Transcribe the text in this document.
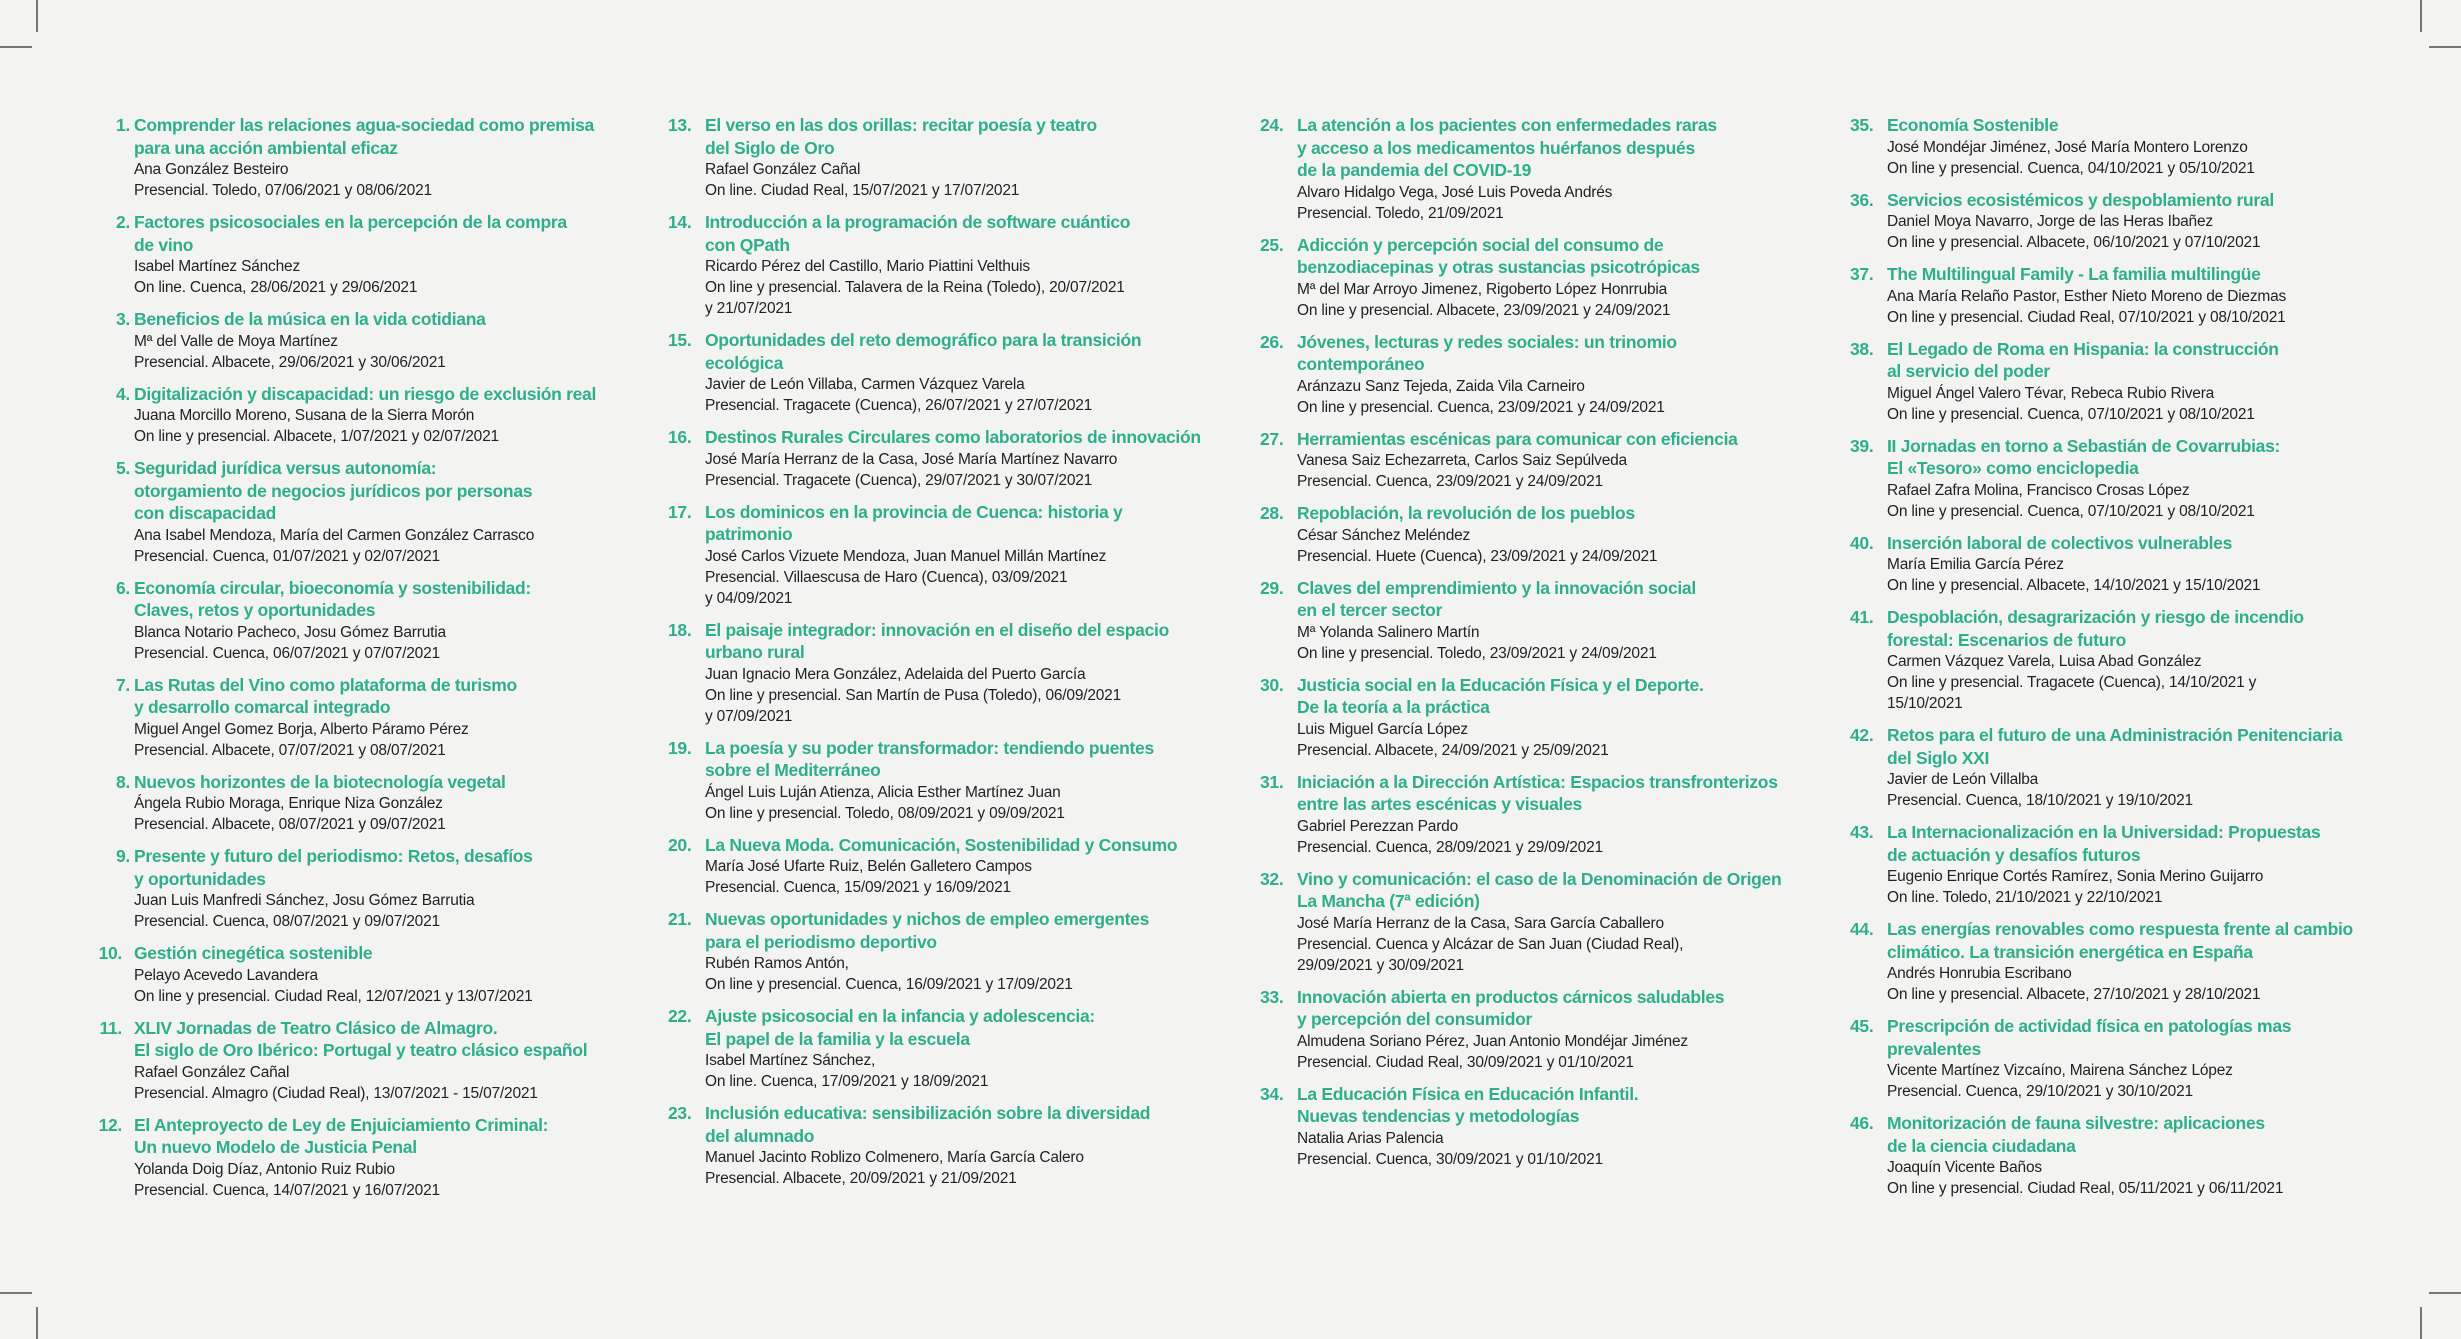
1. Comprender las relaciones agua-sociedad como premisa
para una acción ambiental eficaz
Ana González Besteiro
Presencial. Toledo, 07/06/2021 y 08/06/2021
2. Factores psicosociales en la percepción de la compra
de vino
Isabel Martínez Sánchez
On line. Cuenca, 28/06/2021 y 29/06/2021
3. Beneficios de la música en la vida cotidiana
Mª del Valle de Moya Martínez
Presencial. Albacete, 29/06/2021 y 30/06/2021
4. Digitalización y discapacidad: un riesgo de exclusión real
Juana Morcillo Moreno, Susana de la Sierra Morón
On line y presencial. Albacete, 1/07/2021 y 02/07/2021
5. Seguridad jurídica versus autonomía:
otorgamiento de negocios jurídicos por personas
con discapacidad
Ana Isabel Mendoza, María del Carmen González Carrasco
Presencial. Cuenca, 01/07/2021 y 02/07/2021
6. Economía circular, bioeconomía y sostenibilidad:
Claves, retos y oportunidades
Blanca Notario Pacheco, Josu Gómez Barrutia
Presencial. Cuenca, 06/07/2021 y 07/07/2021
7. Las Rutas del Vino como plataforma de turismo
y desarrollo comarcal integrado
Miguel Angel Gomez Borja, Alberto Páramo Pérez
Presencial. Albacete, 07/07/2021 y 08/07/2021
8. Nuevos horizontes de la biotecnología vegetal
Ángela Rubio Moraga, Enrique Niza González
Presencial. Albacete, 08/07/2021 y 09/07/2021
9. Presente y futuro del periodismo: Retos, desafíos
y oportunidades
Juan Luis Manfredi Sánchez, Josu Gómez Barrutia
Presencial. Cuenca, 08/07/2021 y 09/07/2021
10. Gestión cinegética sostenible
Pelayo Acevedo Lavandera
On line y presencial. Ciudad Real, 12/07/2021 y 13/07/2021
11. XLIV Jornadas de Teatro Clásico de Almagro.
El siglo de Oro Ibérico: Portugal y teatro clásico español
Rafael González Cañal
Presencial. Almagro (Ciudad Real), 13/07/2021 - 15/07/2021
12. El Anteproyecto de Ley de Enjuiciamiento Criminal:
Un nuevo Modelo de Justicia Penal
Yolanda Doig Díaz, Antonio Ruiz Rubio
Presencial. Cuenca, 14/07/2021 y 16/07/2021
13. El verso en las dos orillas: recitar poesía y teatro
del Siglo de Oro
Rafael González Cañal
On line. Ciudad Real, 15/07/2021 y 17/07/2021
14. Introducción a la programación de software cuántico
con QPath
Ricardo Pérez del Castillo, Mario Piattini Velthuis
On line y presencial. Talavera de la Reina (Toledo), 20/07/2021
y 21/07/2021
15. Oportunidades del reto demográfico para la transición
ecológica
Javier de León Villaba, Carmen Vázquez Varela
Presencial. Tragacete (Cuenca), 26/07/2021 y 27/07/2021
16. Destinos Rurales Circulares como laboratorios de innovación
José María Herranz de la Casa, José María Martínez Navarro
Presencial. Tragacete (Cuenca), 29/07/2021 y 30/07/2021
17. Los dominicos en la provincia de Cuenca: historia y
patrimonio
José Carlos Vizuete Mendoza, Juan Manuel Millán Martínez
Presencial. Villaescusa de Haro (Cuenca), 03/09/2021
y 04/09/2021
18. El paisaje integrador: innovación en el diseño del espacio
urbano rural
Juan Ignacio Mera González, Adelaida del Puerto García
On line y presencial. San Martín de Pusa (Toledo), 06/09/2021
y 07/09/2021
19. La poesía y su poder transformador: tendiendo puentes
sobre el Mediterráneo
Ángel Luis Luján Atienza, Alicia Esther Martínez Juan
On line y presencial. Toledo, 08/09/2021 y 09/09/2021
20. La Nueva Moda. Comunicación, Sostenibilidad y Consumo
María José Ufarte Ruiz, Belén Galletero Campos
Presencial. Cuenca, 15/09/2021 y 16/09/2021
21. Nuevas oportunidades y nichos de empleo emergentes
para el periodismo deportivo
Rubén Ramos Antón,
On line y presencial. Cuenca, 16/09/2021 y 17/09/2021
22. Ajuste psicosocial en la infancia y adolescencia:
El papel de la familia y la escuela
Isabel Martínez Sánchez,
On line. Cuenca, 17/09/2021 y 18/09/2021
23. Inclusión educativa: sensibilización sobre la diversidad
del alumnado
Manuel Jacinto Roblizo Colmenero, María García Calero
Presencial. Albacete, 20/09/2021 y 21/09/2021
24. La atención a los pacientes con enfermedades raras
y acceso a los medicamentos huérfanos después
de la pandemia del COVID-19
Alvaro Hidalgo Vega, José Luis Poveda Andrés
Presencial. Toledo, 21/09/2021
25. Adicción y percepción social del consumo de
benzodiacepinas y otras sustancias psicotrópicas
Mª del Mar Arroyo Jimenez, Rigoberto López Honrrubia
On line y presencial. Albacete, 23/09/2021 y 24/09/2021
26. Jóvenes, lecturas y redes sociales: un trinomio
contemporáneo
Aránzazu Sanz Tejeda, Zaida Vila Carneiro
On line y presencial. Cuenca, 23/09/2021 y 24/09/2021
27. Herramientas escénicas para comunicar con eficiencia
Vanesa Saiz Echezarreta, Carlos Saiz Sepúlveda
Presencial. Cuenca, 23/09/2021 y 24/09/2021
28. Repoblación, la revolución de los pueblos
César Sánchez Meléndez
Presencial. Huete (Cuenca), 23/09/2021 y 24/09/2021
29. Claves del emprendimiento y la innovación social
en el tercer sector
Mª Yolanda Salinero Martín
On line y presencial. Toledo, 23/09/2021 y 24/09/2021
30. Justicia social en la Educación Física y el Deporte.
De la teoría a la práctica
Luis Miguel García López
Presencial. Albacete, 24/09/2021 y 25/09/2021
31. Iniciación a la Dirección Artística: Espacios transfronterizos
entre las artes escénicas y visuales
Gabriel Perezzan Pardo
Presencial. Cuenca, 28/09/2021 y 29/09/2021
32. Vino y comunicación: el caso de la Denominación de Origen
La Mancha (7ª edición)
José María Herranz de la Casa, Sara García Caballero
Presencial. Cuenca y Alcázar de San Juan (Ciudad Real),
29/09/2021 y 30/09/2021
33. Innovación abierta en productos cárnicos saludables
y percepción del consumidor
Almudena Soriano Pérez, Juan Antonio Mondéjar Jiménez
Presencial. Ciudad Real, 30/09/2021 y 01/10/2021
34. La Educación Física en Educación Infantil.
Nuevas tendencias y metodologías
Natalia Arias Palencia
Presencial. Cuenca, 30/09/2021 y 01/10/2021
35. Economía Sostenible
José Mondéjar Jiménez, José María Montero Lorenzo
On line y presencial. Cuenca, 04/10/2021 y 05/10/2021
36. Servicios ecosistémicos y despoblamiento rural
Daniel Moya Navarro, Jorge de las Heras Ibañez
On line y presencial. Albacete, 06/10/2021 y 07/10/2021
37. The Multilingual Family - La familia multilingüe
Ana María Relaño Pastor, Esther Nieto Moreno de Diezmas
On line y presencial. Ciudad Real, 07/10/2021 y 08/10/2021
38. El Legado de Roma en Hispania: la construcción
al servicio del poder
Miguel Ángel Valero Tévar, Rebeca Rubio Rivera
On line y presencial. Cuenca, 07/10/2021 y 08/10/2021
39. II Jornadas en torno a Sebastián de Covarrubias:
El «Tesoro» como enciclopedia
Rafael Zafra Molina, Francisco Crosas López
On line y presencial. Cuenca, 07/10/2021 y 08/10/2021
40. Inserción laboral de colectivos vulnerables
María Emilia García Pérez
On line y presencial. Albacete, 14/10/2021 y 15/10/2021
41. Despoblación, desagrarización y riesgo de incendio
forestal: Escenarios de futuro
Carmen Vázquez Varela, Luisa Abad González
On line y presencial. Tragacete (Cuenca), 14/10/2021 y
15/10/2021
42. Retos para el futuro de una Administración Penitenciaria
del Siglo XXI
Javier de León Villalba
Presencial. Cuenca, 18/10/2021 y 19/10/2021
43. La Internacionalización en la Universidad: Propuestas
de actuación y desafíos futuros
Eugenio Enrique Cortés Ramírez, Sonia Merino Guijarro
On line. Toledo, 21/10/2021 y 22/10/2021
44. Las energías renovables como respuesta frente al cambio
climático. La transición energética en España
Andrés Honrubia Escribano
On line y presencial. Albacete, 27/10/2021 y 28/10/2021
45. Prescripción de actividad física en patologías mas
prevalentes
Vicente Martínez Vizcaíno, Mairena Sánchez López
Presencial. Cuenca, 29/10/2021 y 30/10/2021
46. Monitorización de fauna silvestre: aplicaciones
de la ciencia ciudadana
Joaquín Vicente Baños
On line y presencial. Ciudad Real, 05/11/2021 y 06/11/2021
